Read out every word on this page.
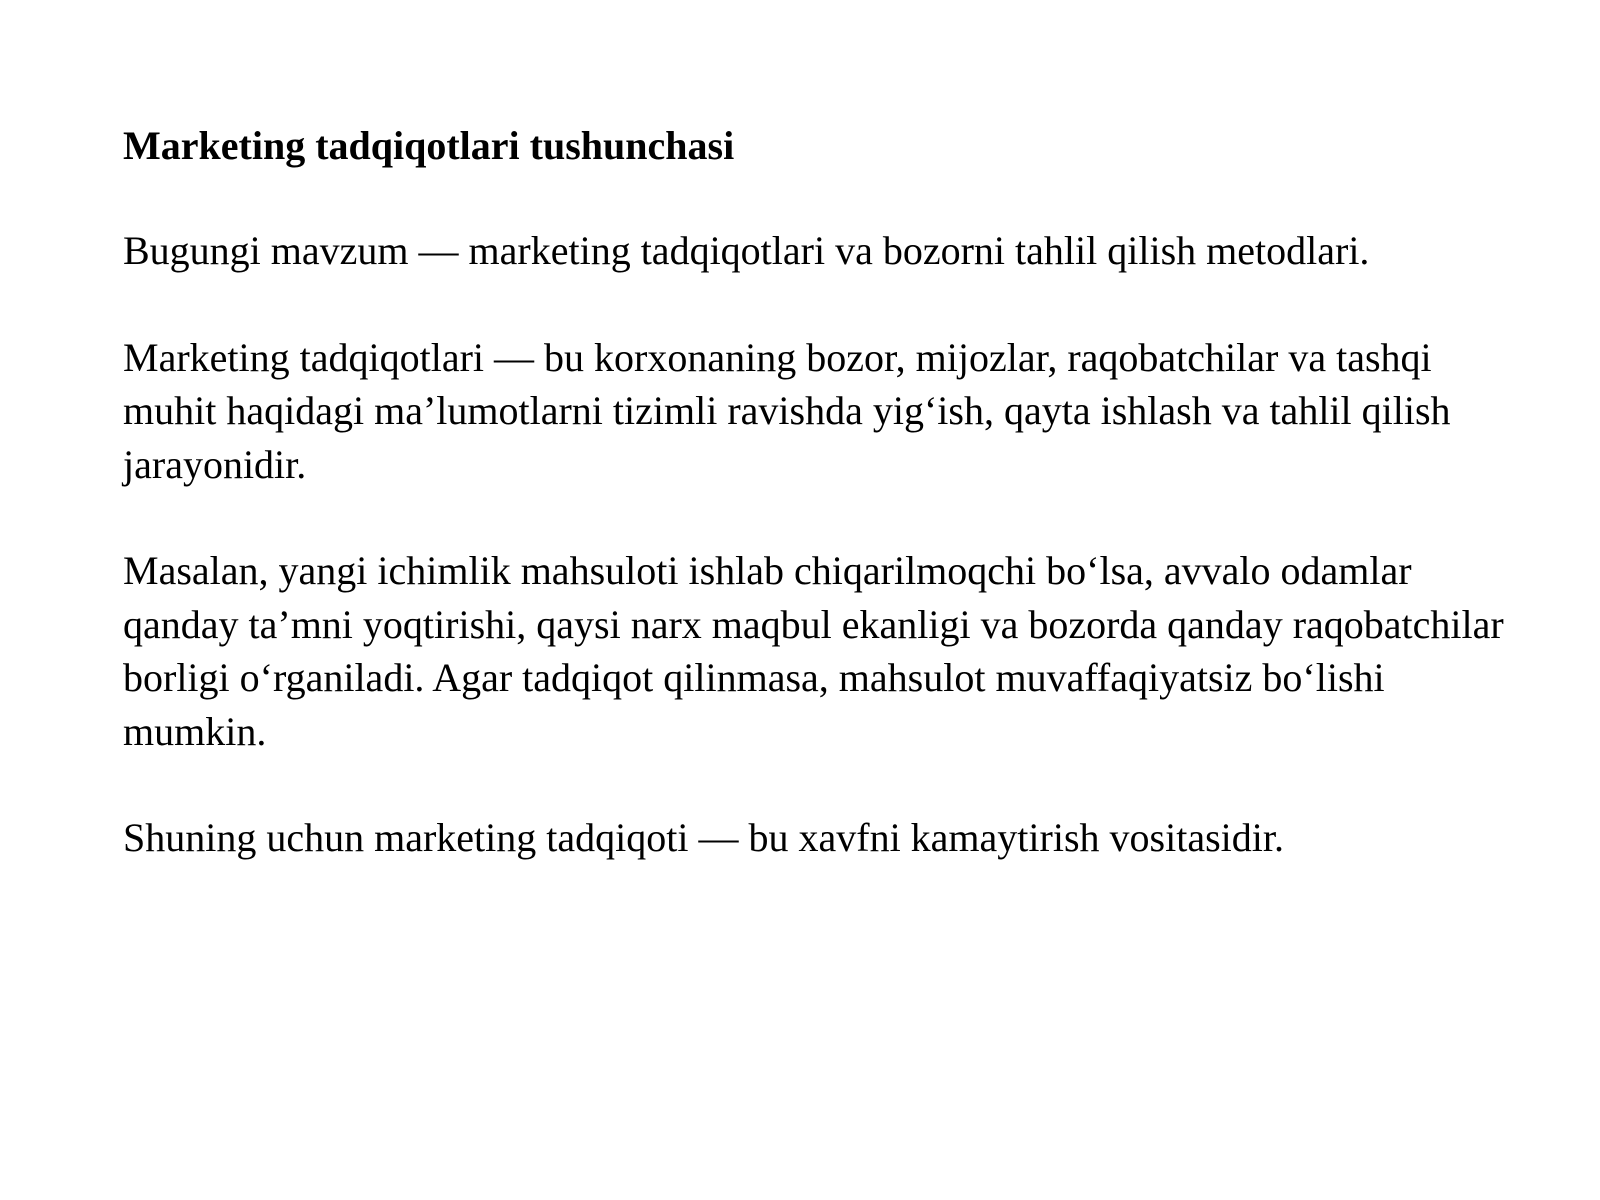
Marketing tadqiqotlari tushunchasi

Bugungi mavzum — marketing tadqiqotlari va bozorni tahlil qilish metodlari.

Marketing tadqiqotlari — bu korxonaning bozor, mijozlar, raqobatchilar va tashqi muhit haqidagi ma’lumotlarni tizimli ravishda yig‘ish, qayta ishlash va tahlil qilish jarayonidir.

Masalan, yangi ichimlik mahsuloti ishlab chiqarilmoqchi bo‘lsa, avvalo odamlar qanday ta’mni yoqtirishi, qaysi narx maqbul ekanligi va bozorda qanday raqobatchilar borligi o‘rganiladi. Agar tadqiqot qilinmasa, mahsulot muvaffaqiyatsiz bo‘lishi mumkin.

Shuning uchun marketing tadqiqoti — bu xavfni kamaytirish vositasidir.
